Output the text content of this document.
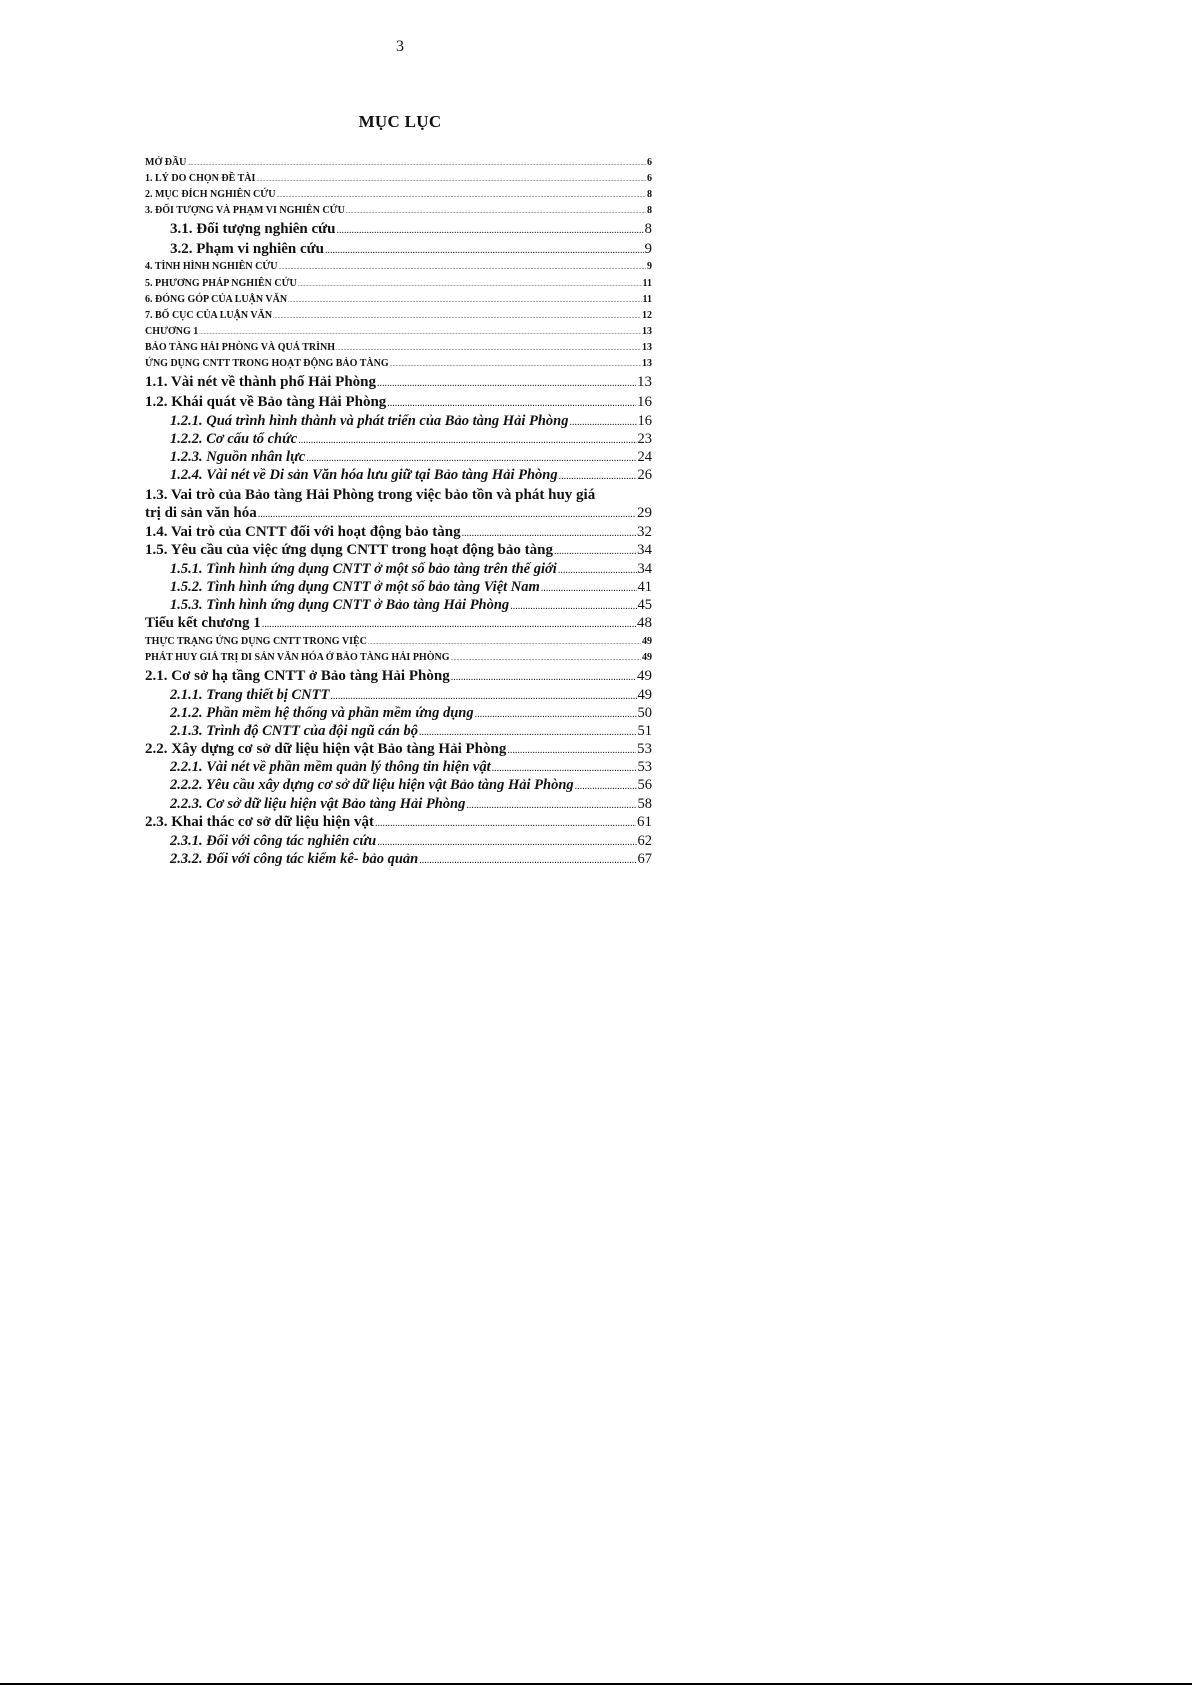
3
MỤC LỤC
MỞ ĐẦU .....	6
1. LÝ DO CHỌN ĐỀ TÀI .....	6
2. MỤC ĐÍCH NGHIÊN CỨU .....	8
3. ĐỐI TƯỢNG VÀ PHẠM VI NGHIÊN CỨU .....	8
3.1. Đối tượng nghiên cứu .....	8
3.2. Phạm vi nghiên cứu .....	9
4. TÌNH HÌNH NGHIÊN CỨU .....	9
5. PHƯƠNG PHÁP NGHIÊN CỨU .....	11
6. ĐÓNG GÓP CỦA LUẬN VĂN .....	11
7. BỐ CỤC CỦA LUẬN VĂN .....	12
CHƯƠNG 1 .....	13
BẢO TÀNG HẢI PHÒNG VÀ QUÁ TRÌNH .....	13
ỨNG DỤNG CNTT TRONG HOẠT ĐỘNG BẢO TÀNG .....	13
1.1. Vài nét về thành phố Hải Phòng .....	13
1.2. Khái quát về Bảo tàng Hải Phòng .....	16
1.2.1. Quá trình hình thành và phát triển của Bảo tàng Hải Phòng .....	16
1.2.2. Cơ cấu tổ chức .....	23
1.2.3. Nguồn nhân lực .....	24
1.2.4. Vài nét về Di sản Văn hóa lưu giữ tại Bảo tàng Hải Phòng .....	26
1.3. Vai trò của Bảo tàng Hải Phòng trong việc bảo tồn và phát huy giá
trị di sản văn hóa .....	29
1.4. Vai trò của CNTT đối với hoạt động bảo tàng .....	32
1.5. Yêu cầu của việc ứng dụng CNTT trong hoạt động bảo tàng .....	34
1.5.1. Tình hình ứng dụng CNTT ở một số bảo tàng trên thế giới .....	34
1.5.2. Tình hình ứng dụng CNTT ở một số bảo tàng Việt Nam .....	41
1.5.3. Tình hình ứng dụng CNTT ở Bảo tàng Hải Phòng .....	45
Tiểu kết chương 1 .....	48
THỰC TRẠNG ỨNG DỤNG CNTT TRONG VIỆC .....	49
PHÁT HUY GIÁ TRỊ DI SẢN VĂN HÓA Ở BẢO TÀNG HẢI PHÒNG .....	49
2.1. Cơ sở hạ tầng CNTT ở Bảo tàng Hải Phòng .....	49
2.1.1. Trang thiết bị CNTT .....	49
2.1.2. Phần mềm hệ thống và phần mềm ứng dụng .....	50
2.1.3. Trình độ CNTT của đội ngũ cán bộ .....	51
2.2. Xây dựng cơ sở dữ liệu hiện vật Bảo tàng Hải Phòng .....	53
2.2.1. Vài nét về phần mềm quản lý thông tin hiện vật .....	53
2.2.2. Yêu cầu xây dựng cơ sở dữ liệu hiện vật Bảo tàng Hải Phòng .....	56
2.2.3. Cơ sở dữ liệu hiện vật Bảo tàng Hải Phòng .....	58
2.3. Khai thác cơ sở dữ liệu hiện vật .....	61
2.3.1. Đối với công tác nghiên cứu .....	62
2.3.2. Đối với công tác kiểm kê- bảo quản .....	67
